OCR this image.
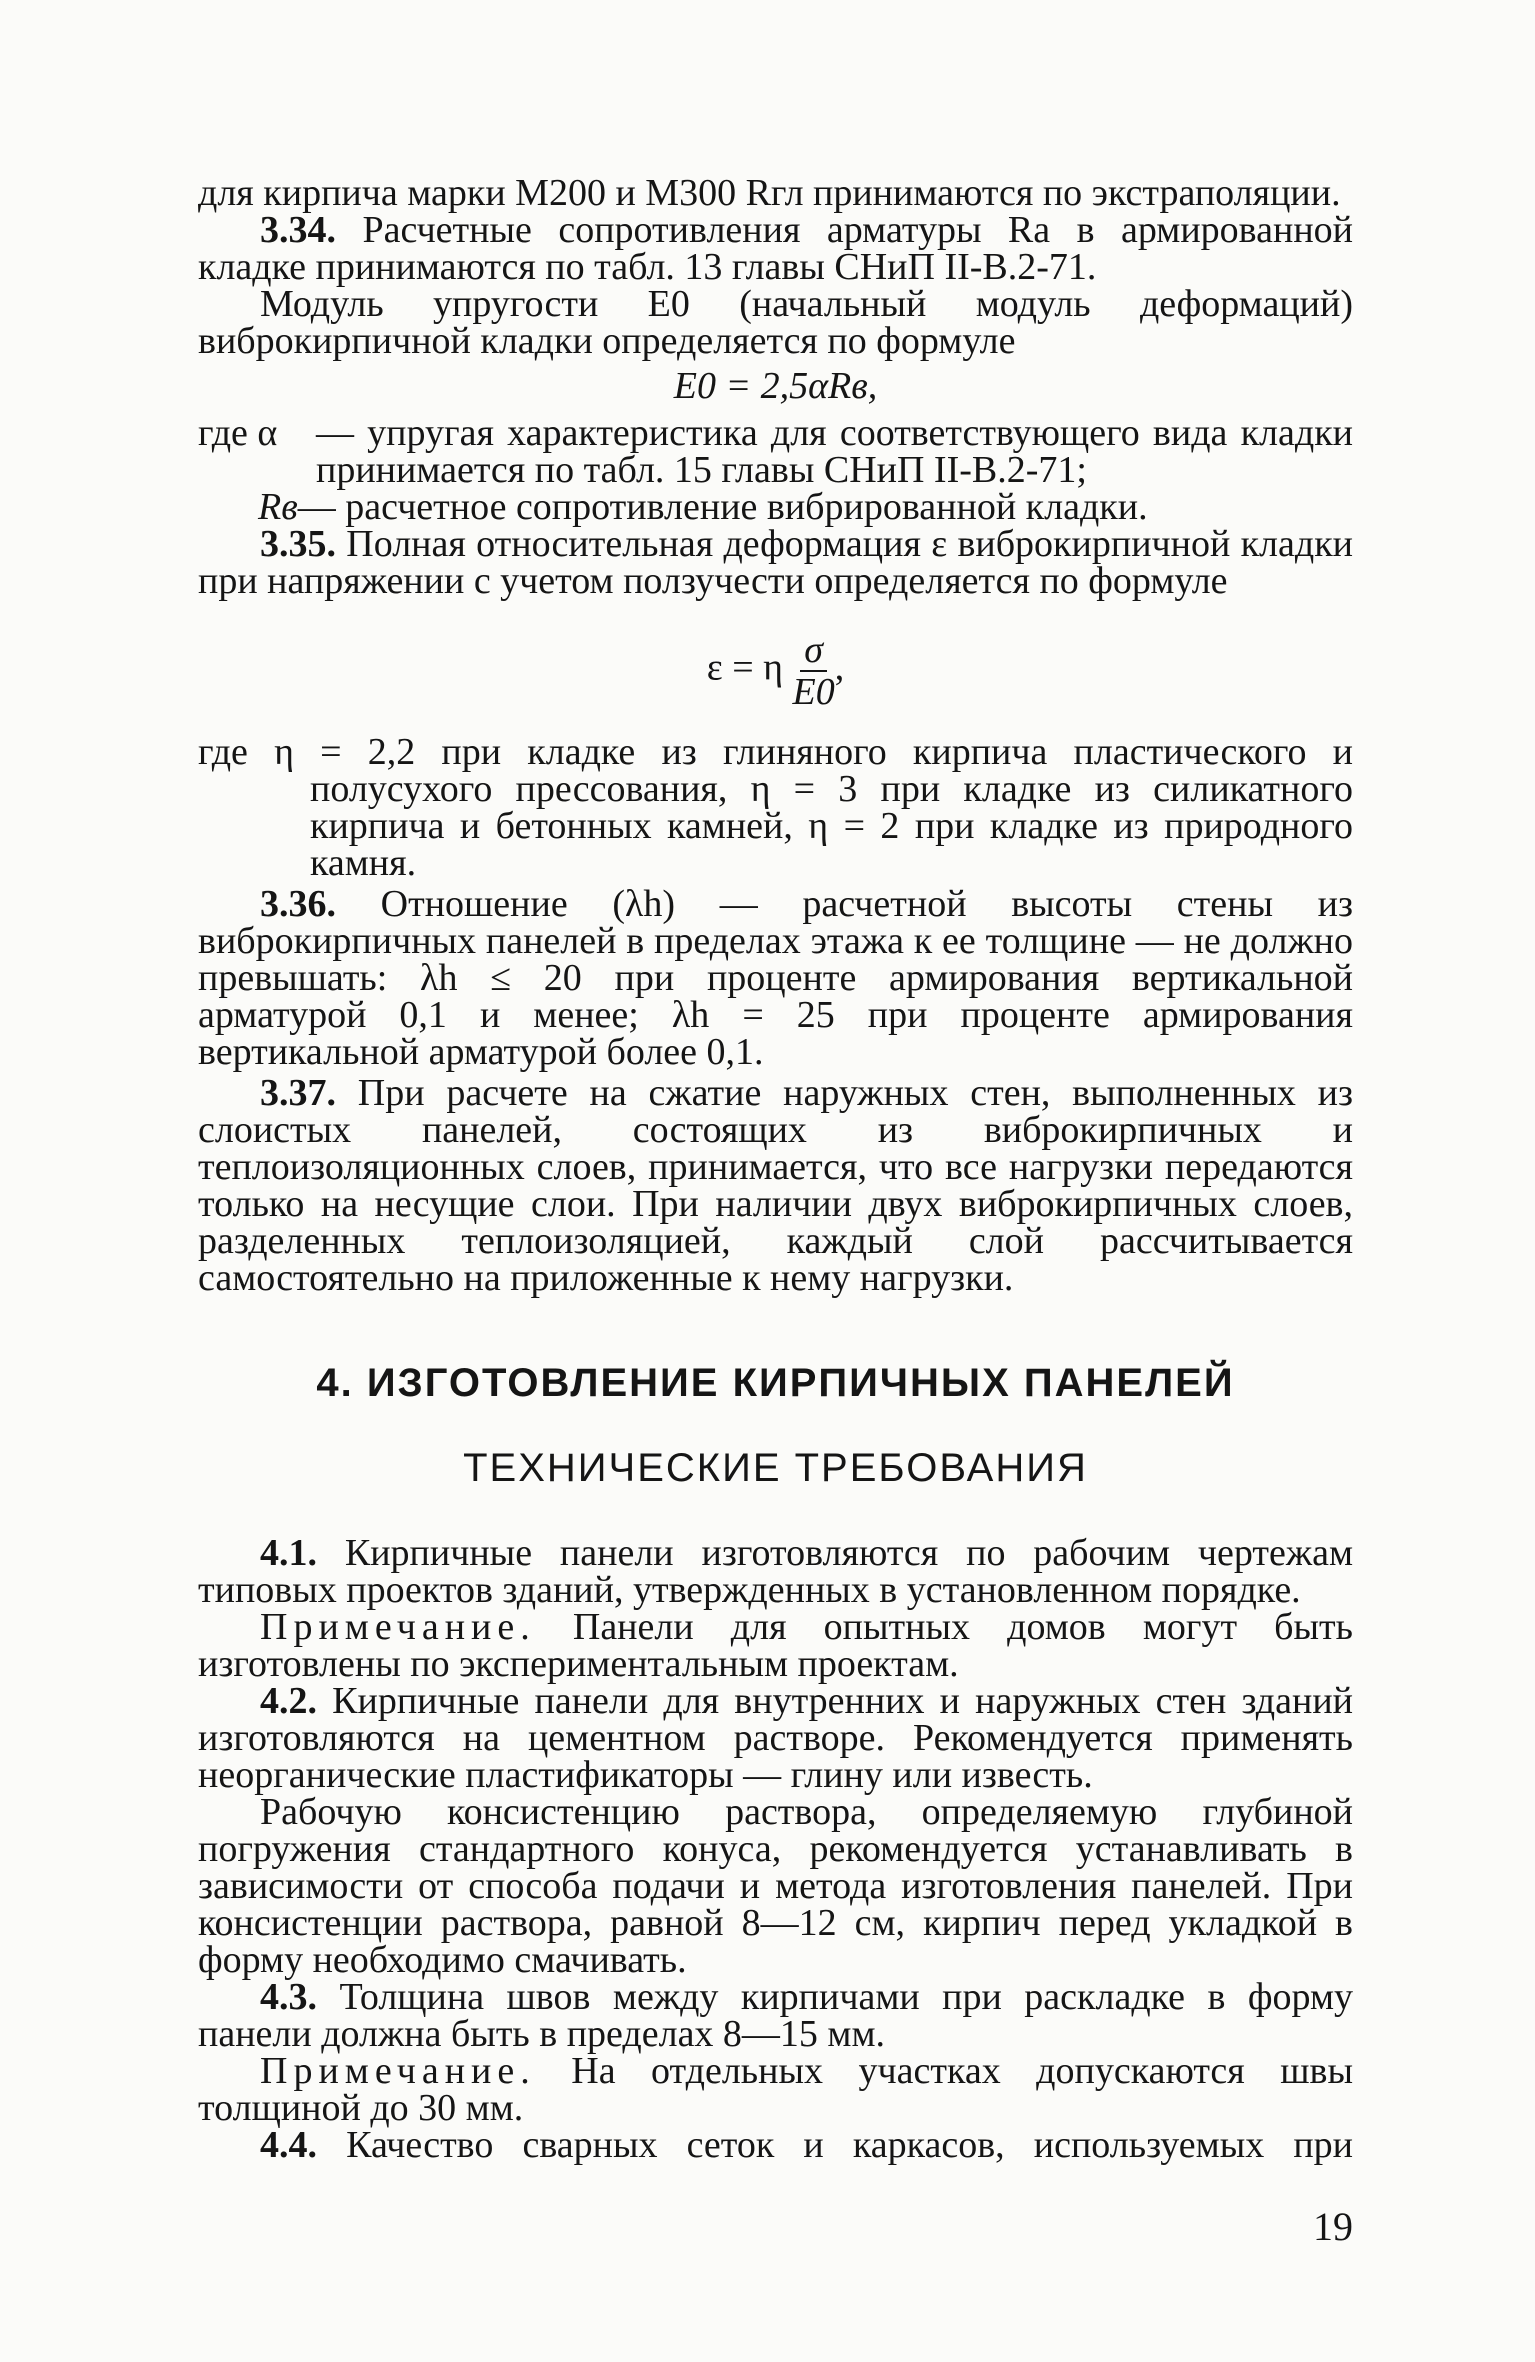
для кирпича марки М200 и М300 Rгл принимаются по экстраполяции.

3.34. Расчетные сопротивления арматуры Ra в армированной кладке принимаются по табл. 13 главы СНиП II-В.2-71.

Модуль упругости E0 (начальный модуль деформаций) виброкирпичной кладки определяется по формуле

E0 = 2,5αRв,
где α	— упругая характеристика для соответствующего вида кладки принимается по табл. 15 главы СНиП II-В.2-71;
Rв — расчетное сопротивление вибрированной кладки.

3.35. Полная относительная деформация ε виброкирпичной кладки при напряжении с учетом ползучести определяется по формуле

ε = η $\frac{\sigma}{E0}$ ,

где η = 2,2 при кладке из глиняного кирпича пластического и полусухого прессования, η = 3 при кладке из силикатного кирпича и бетонных камней, η = 2 при кладке из природного камня.

3.36. Отношение (λh) — расчетной высоты стены из виброкирпичных панелей в пределах этажа к ее толщине — не должно превышать: λh ≤ 20 при проценте армирования вертикальной арматурой 0,1 и менее; λh = 25 при проценте армирования вертикальной арматурой более 0,1.

3.37. При расчете на сжатие наружных стен, выполненных из слоистых панелей, состоящих из виброкирпичных и теплоизоляционных слоев, принимается, что все нагрузки передаются только на несущие слои. При наличии двух виброкирпичных слоев, разделенных теплоизоляцией, каждый слой рассчитывается самостоятельно на приложенные к нему нагрузки.

4. ИЗГОТОВЛЕНИЕ КИРПИЧНЫХ ПАНЕЛЕЙ
ТЕХНИЧЕСКИЕ ТРЕБОВАНИЯ

4.1. Кирпичные панели изготовляются по рабочим чертежам типовых проектов зданий, утвержденных в установленном порядке.

Примечание. Панели для опытных домов могут быть изготовлены по экспериментальным проектам.

4.2. Кирпичные панели для внутренних и наружных стен зданий изготовляются на цементном растворе. Рекомендуется применять неорганические пластификаторы — глину или известь.

Рабочую консистенцию раствора, определяемую глубиной погружения стандартного конуса, рекомендуется устанавливать в зависимости от способа подачи и метода изготовления панелей. При консистенции раствора, равной 8—12 см, кирпич перед укладкой в форму необходимо смачивать.

4.3. Толщина швов между кирпичами при раскладке в форму панели должна быть в пределах 8—15 мм.

Примечание. На отдельных участках допускаются швы толщиной до 30 мм.

4.4. Качество сварных сеток и каркасов, используемых при

19
